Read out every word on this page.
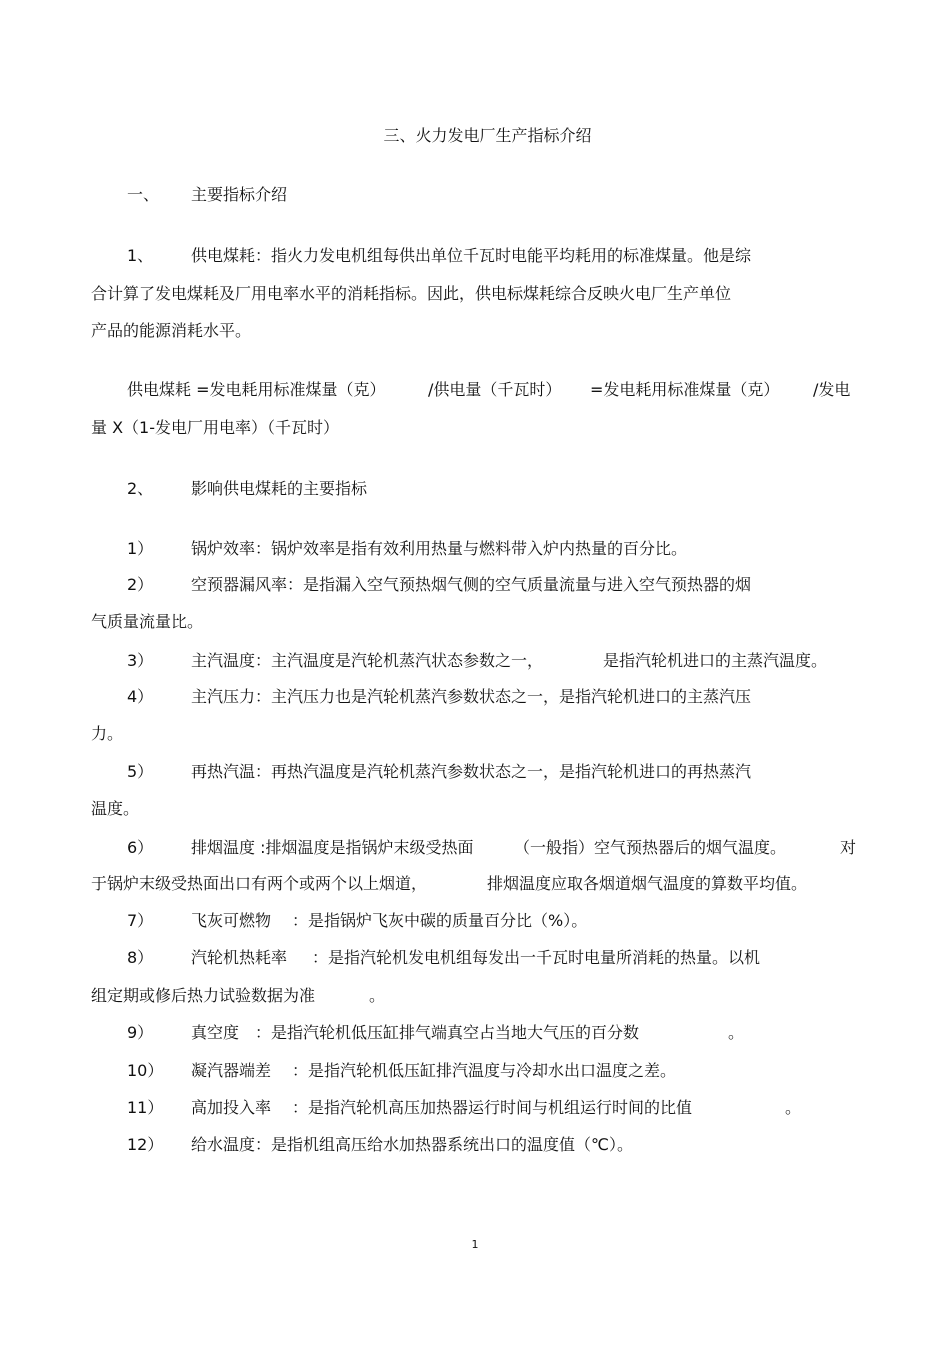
三、火力发电厂生产指标介绍
一、 主要指标介绍
1、 供电煤耗：指火力发电机组每供出单位千瓦时电能平均耗用的标准煤量。他是综
合计算了发电煤耗及厂用电率水平的消耗指标。因此，供电标煤耗综合反映火电厂生产单位
产品的能源消耗水平。
供电煤耗 =发电耗用标准煤量（克）	/供电量（千瓦时） =发电耗用标准煤量（克） /发电
量 X（1-发电厂用电率）（千瓦时）
2、 影响供电煤耗的主要指标
1） 锅炉效率：锅炉效率是指有效利用热量与燃料带入炉内热量的百分比。
2） 空预器漏风率：是指漏入空气预热烟气侧的空气质量流量与进入空气预热器的烟
气质量流量比。
3） 主汽温度：主汽温度是汽轮机蒸汽状态参数之一，	是指汽轮机进口的主蒸汽温度。
4） 主汽压力：主汽压力也是汽轮机蒸汽参数状态之一，是指汽轮机进口的主蒸汽压
力。
5） 再热汽温：再热汽温度是汽轮机蒸汽参数状态之一，是指汽轮机进口的再热蒸汽
温度。
6） 排烟温度 :排烟温度是指锅炉末级受热面	（一般指）空气预热器后的烟气温度。	对
于锅炉末级受热面出口有两个或两个以上烟道，	排烟温度应取各烟道烟气温度的算数平均值。
7） 飞灰可燃物 ：是指锅炉飞灰中碳的质量百分比（%）。
8） 汽轮机热耗率 ：是指汽轮机发电机组每发出一千瓦时电量所消耗的热量。以机
组定期或修后热力试验数据为准	。
9） 真空度 ：是指汽轮机低压缸排气端真空占当地大气压的百分数	。
10） 凝汽器端差 ：是指汽轮机低压缸排汽温度与冷却水出口温度之差。
11） 高加投入率 ：是指汽轮机高压加热器运行时间与机组运行时间的比值	。
12） 给水温度：是指机组高压给水加热器系统出口的温度值（℃）。
1
